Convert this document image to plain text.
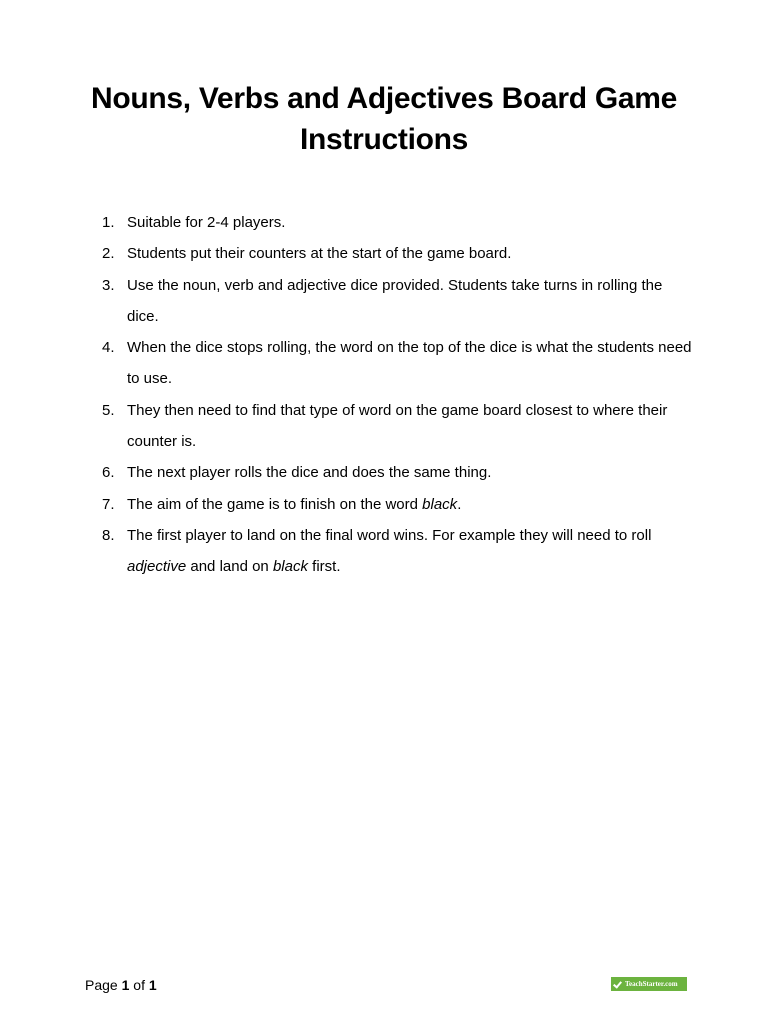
Nouns, Verbs and Adjectives Board Game
Instructions
1. Suitable for 2-4 players.
2. Students put their counters at the start of the game board.
3. Use the noun, verb and adjective dice provided. Students take turns in rolling the dice.
4. When the dice stops rolling, the word on the top of the dice is what the students need to use.
5. They then need to find that type of word on the game board closest to where their counter is.
6. The next player rolls the dice and does the same thing.
7. The aim of the game is to finish on the word black.
8. The first player to land on the final word wins. For example they will need to roll adjective and land on black first.
Page 1 of 1	TeachStarter.com
